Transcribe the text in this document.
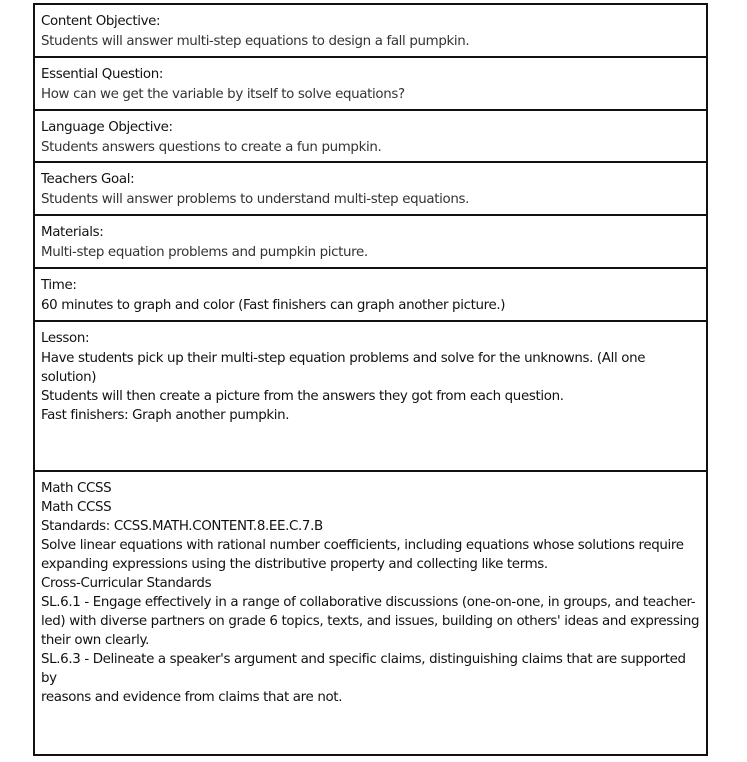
Content Objective:
Students will answer multi-step equations to design a fall pumpkin.
Essential Question:
How can we get the variable by itself to solve equations?
Language Objective:
Students answers questions to create a fun pumpkin.
Teachers Goal:
Students will answer problems to understand multi-step equations.
Materials:
Multi-step equation problems and pumpkin picture.
Time:
60 minutes to graph and color (Fast finishers can graph another picture.)
Lesson:
Have students pick up their multi-step equation problems and solve for the unknowns. (All one solution)
Students will then create a picture from the answers they got from each question.
Fast finishers: Graph another pumpkin.
Math CCSS
Math CCSS
Standards: CCSS.MATH.CONTENT.8.EE.C.7.B
Solve linear equations with rational number coefficients, including equations whose solutions require
expanding expressions using the distributive property and collecting like terms.
Cross-Curricular Standards
SL.6.1 - Engage effectively in a range of collaborative discussions (one-on-one, in groups, and teacher-
led) with diverse partners on grade 6 topics, texts, and issues, building on others' ideas and expressing
their own clearly.
SL.6.3 - Delineate a speaker's argument and specific claims, distinguishing claims that are supported by
reasons and evidence from claims that are not.
